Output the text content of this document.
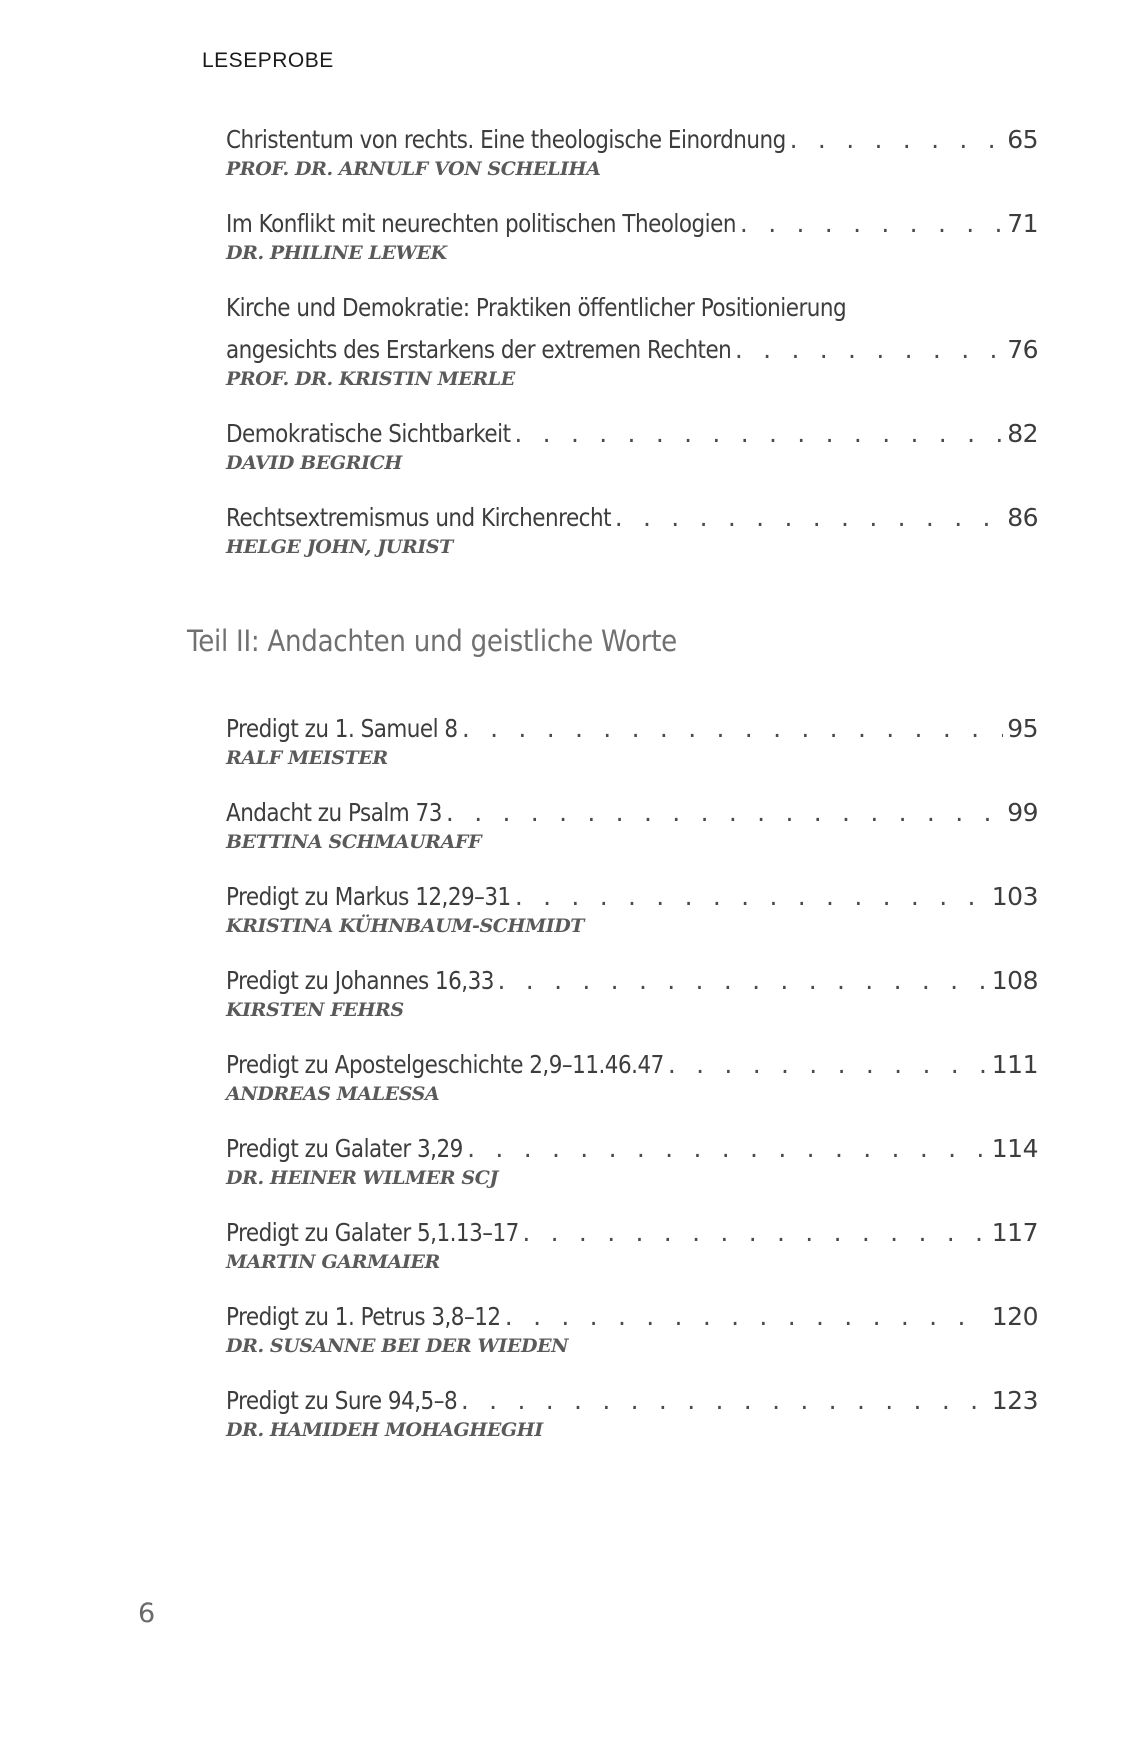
LESEPROBE
Christentum von rechts. Eine theologische Einordnung . . .	65
PROF. DR. ARNULF VON SCHELIHA
Im Konflikt mit neurechten politischen Theologien . . .	71
DR. PHILINE LEWEK
Kirche und Demokratie: Praktiken öffentlicher Positionierung
angesichts des Erstarkens der extremen Rechten . . .	76
PROF. DR. KRISTIN MERLE
Demokratische Sichtbarkeit . . .	82
DAVID BEGRICH
Rechtsextremismus und Kirchenrecht . . .	86
HELGE JOHN, JURIST
Teil II: Andachten und geistliche Worte
Predigt zu 1. Samuel 8 . . .	95
RALF MEISTER
Andacht zu Psalm 73 . . .	99
BETTINA SCHMAURAFF
Predigt zu Markus 12,29–31 . . .	103
KRISTINA KÜHNBAUM-SCHMIDT
Predigt zu Johannes 16,33 . . .	108
KIRSTEN FEHRS
Predigt zu Apostelgeschichte 2,9–11.46.47 . . .	111
ANDREAS MALESSA
Predigt zu Galater 3,29 . . .	114
DR. HEINER WILMER SCJ
Predigt zu Galater 5,1.13–17 . . .	117
MARTIN GARMAIER
Predigt zu 1. Petrus 3,8–12 . . .	120
DR. SUSANNE BEI DER WIEDEN
Predigt zu Sure 94,5–8 . . .	123
DR. HAMIDEH MOHAGHEGHI
6
